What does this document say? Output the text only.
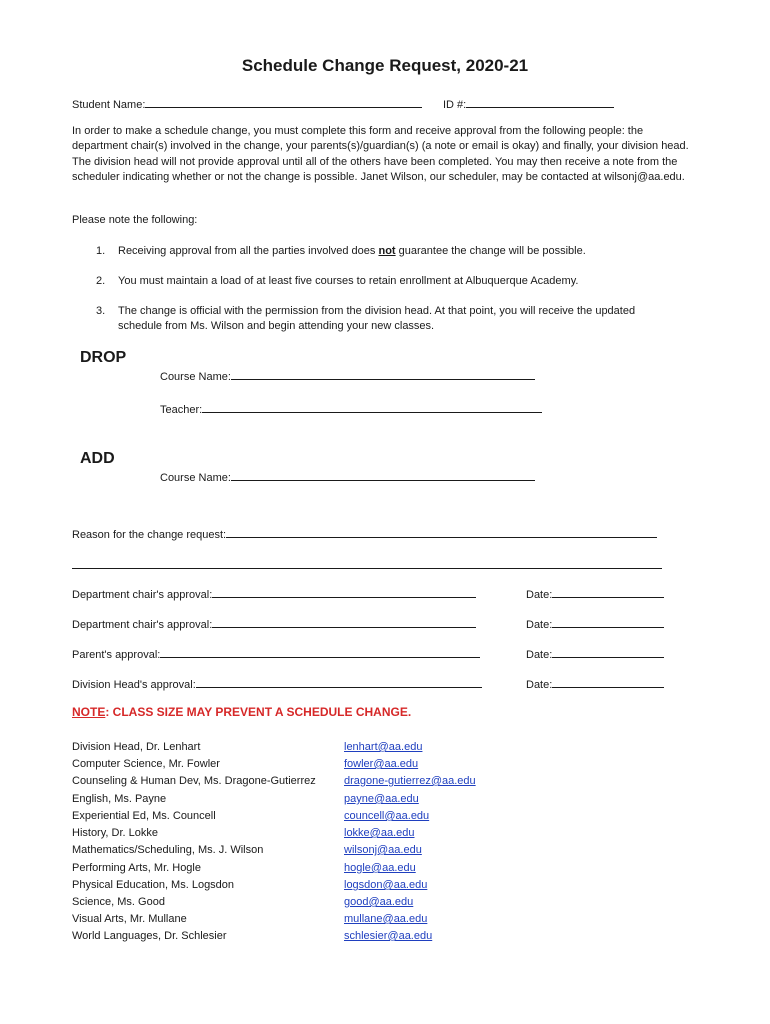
Schedule Change Request, 2020-21
Student Name:	ID #:
In order to make a schedule change, you must complete this form and receive approval from the following people: the department chair(s) involved in the change, your parents(s)/guardian(s) (a note or email is okay) and finally, your division head. The division head will not provide approval until all of the others have been completed. You may then receive a note from the scheduler indicating whether or not the change is possible. Janet Wilson, our scheduler, may be contacted at wilsonj@aa.edu.
Please note the following:
1. Receiving approval from all the parties involved does not guarantee the change will be possible.
2. You must maintain a load of at least five courses to retain enrollment at Albuquerque Academy.
3. The change is official with the permission from the division head. At that point, you will receive the updated
schedule from Ms. Wilson and begin attending your new classes.
DROP
Course Name:
Teacher:
ADD
Course Name:
Reason for the change request:
Department chair's approval:	Date:
Department chair's approval:	Date:
Parent's approval:	Date:
Division Head's approval:	Date:
NOTE: CLASS SIZE MAY PREVENT A SCHEDULE CHANGE.
Division Head, Dr. Lenhart	lenhart@aa.edu
Computer Science, Mr. Fowler	fowler@aa.edu
Counseling & Human Dev, Ms. Dragone-Gutierrez	dragone-gutierrez@aa.edu
English, Ms. Payne	payne@aa.edu
Experiential Ed, Ms. Councell	councell@aa.edu
History, Dr. Lokke	lokke@aa.edu
Mathematics/Scheduling, Ms. J. Wilson	wilsonj@aa.edu
Performing Arts, Mr. Hogle	hogle@aa.edu
Physical Education, Ms. Logsdon	logsdon@aa.edu
Science, Ms. Good	good@aa.edu
Visual Arts, Mr. Mullane	mullane@aa.edu
World Languages, Dr. Schlesier	schlesier@aa.edu
